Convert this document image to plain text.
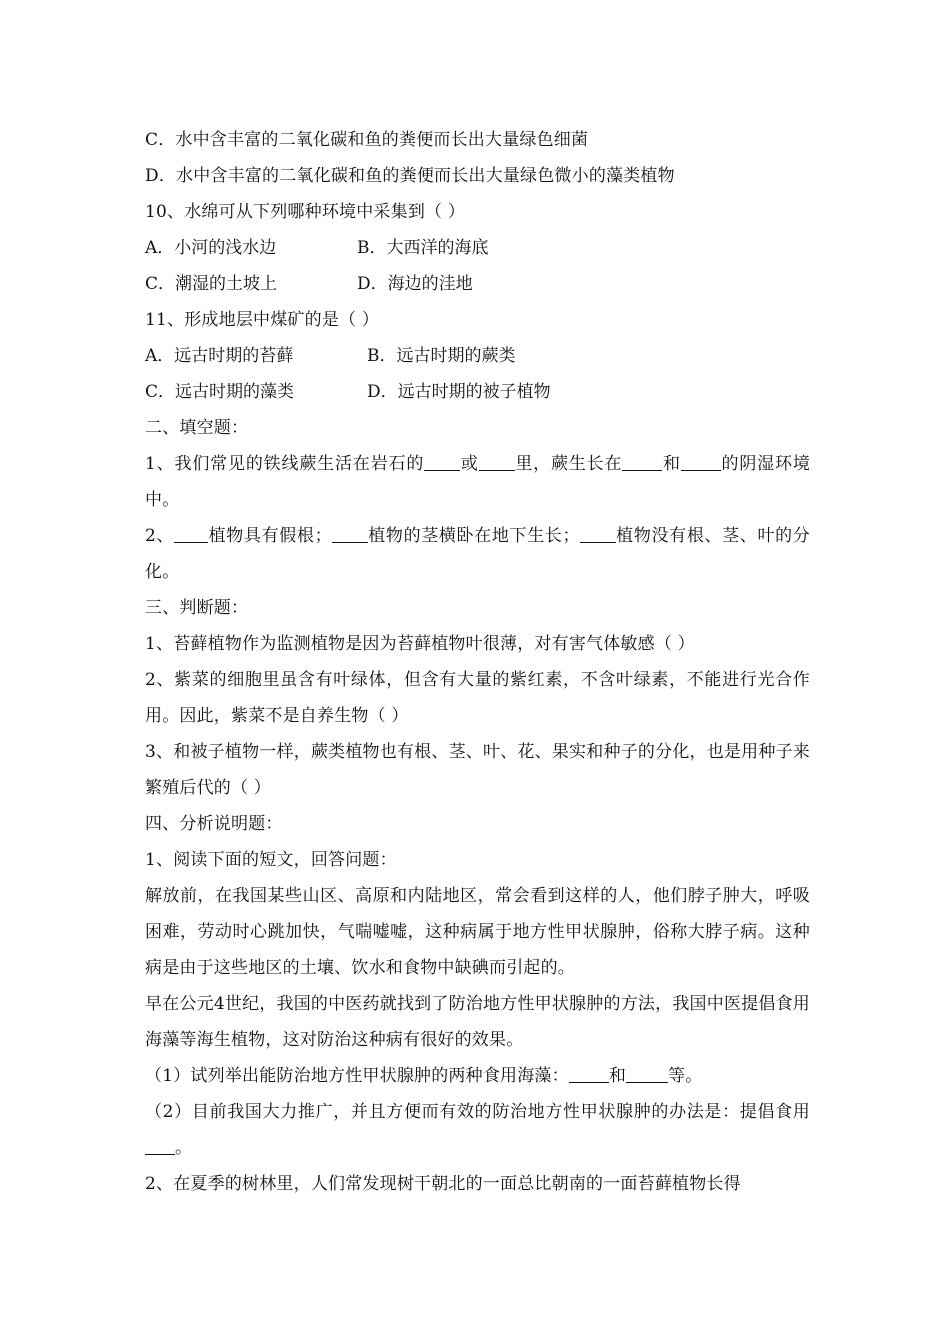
C．水中含丰富的二氧化碳和鱼的粪便而长出大量绿色细菌
D．水中含丰富的二氧化碳和鱼的粪便而长出大量绿色微小的藻类植物
10、水绵可从下列哪种环境中采集到（ ）
A．小河的浅水边	B．大西洋的海底
C．潮湿的土坡上	D．海边的洼地
11、形成地层中煤矿的是（ ）
A．远古时期的苔藓	B．远古时期的蕨类
C．远古时期的藻类	D．远古时期的被子植物
二、填空题：
1、我们常见的铁线蕨生活在岩石的 或 里，蕨生长在 和 的阴湿环境中。
2、 植物具有假根； 植物的茎横卧在地下生长； 植物没有根、茎、叶的分化。
三、判断题：
1、苔藓植物作为监测植物是因为苔藓植物叶很薄，对有害气体敏感（ ）
2、紫菜的细胞里虽含有叶绿体，但含有大量的紫红素，不含叶绿素，不能进行光合作用。因此，紫菜不是自养生物（ ）
3、和被子植物一样，蕨类植物也有根、茎、叶、花、果实和种子的分化，也是用种子来繁殖后代的（ ）
四、分析说明题：
1、阅读下面的短文，回答问题：
解放前，在我国某些山区、高原和内陆地区，常会看到这样的人，他们脖子肿大，呼吸困难，劳动时心跳加快，气喘嘘嘘，这种病属于地方性甲状腺肿，俗称大脖子病。这种病是由于这些地区的土壤、饮水和食物中缺碘而引起的。
早在公元4世纪，我国的中医药就找到了防治地方性甲状腺肿的方法，我国中医提倡食用海藻等海生植物，这对防治这种病有很好的效果。
（1）试列举出能防治地方性甲状腺肿的两种食用海藻： 和 等。
（2）目前我国大力推广，并且方便而有效的防治地方性甲状腺肿的办法是：提倡食用。
2、在夏季的树林里，人们常发现树干朝北的一面总比朝南的一面苔藓植物长得
